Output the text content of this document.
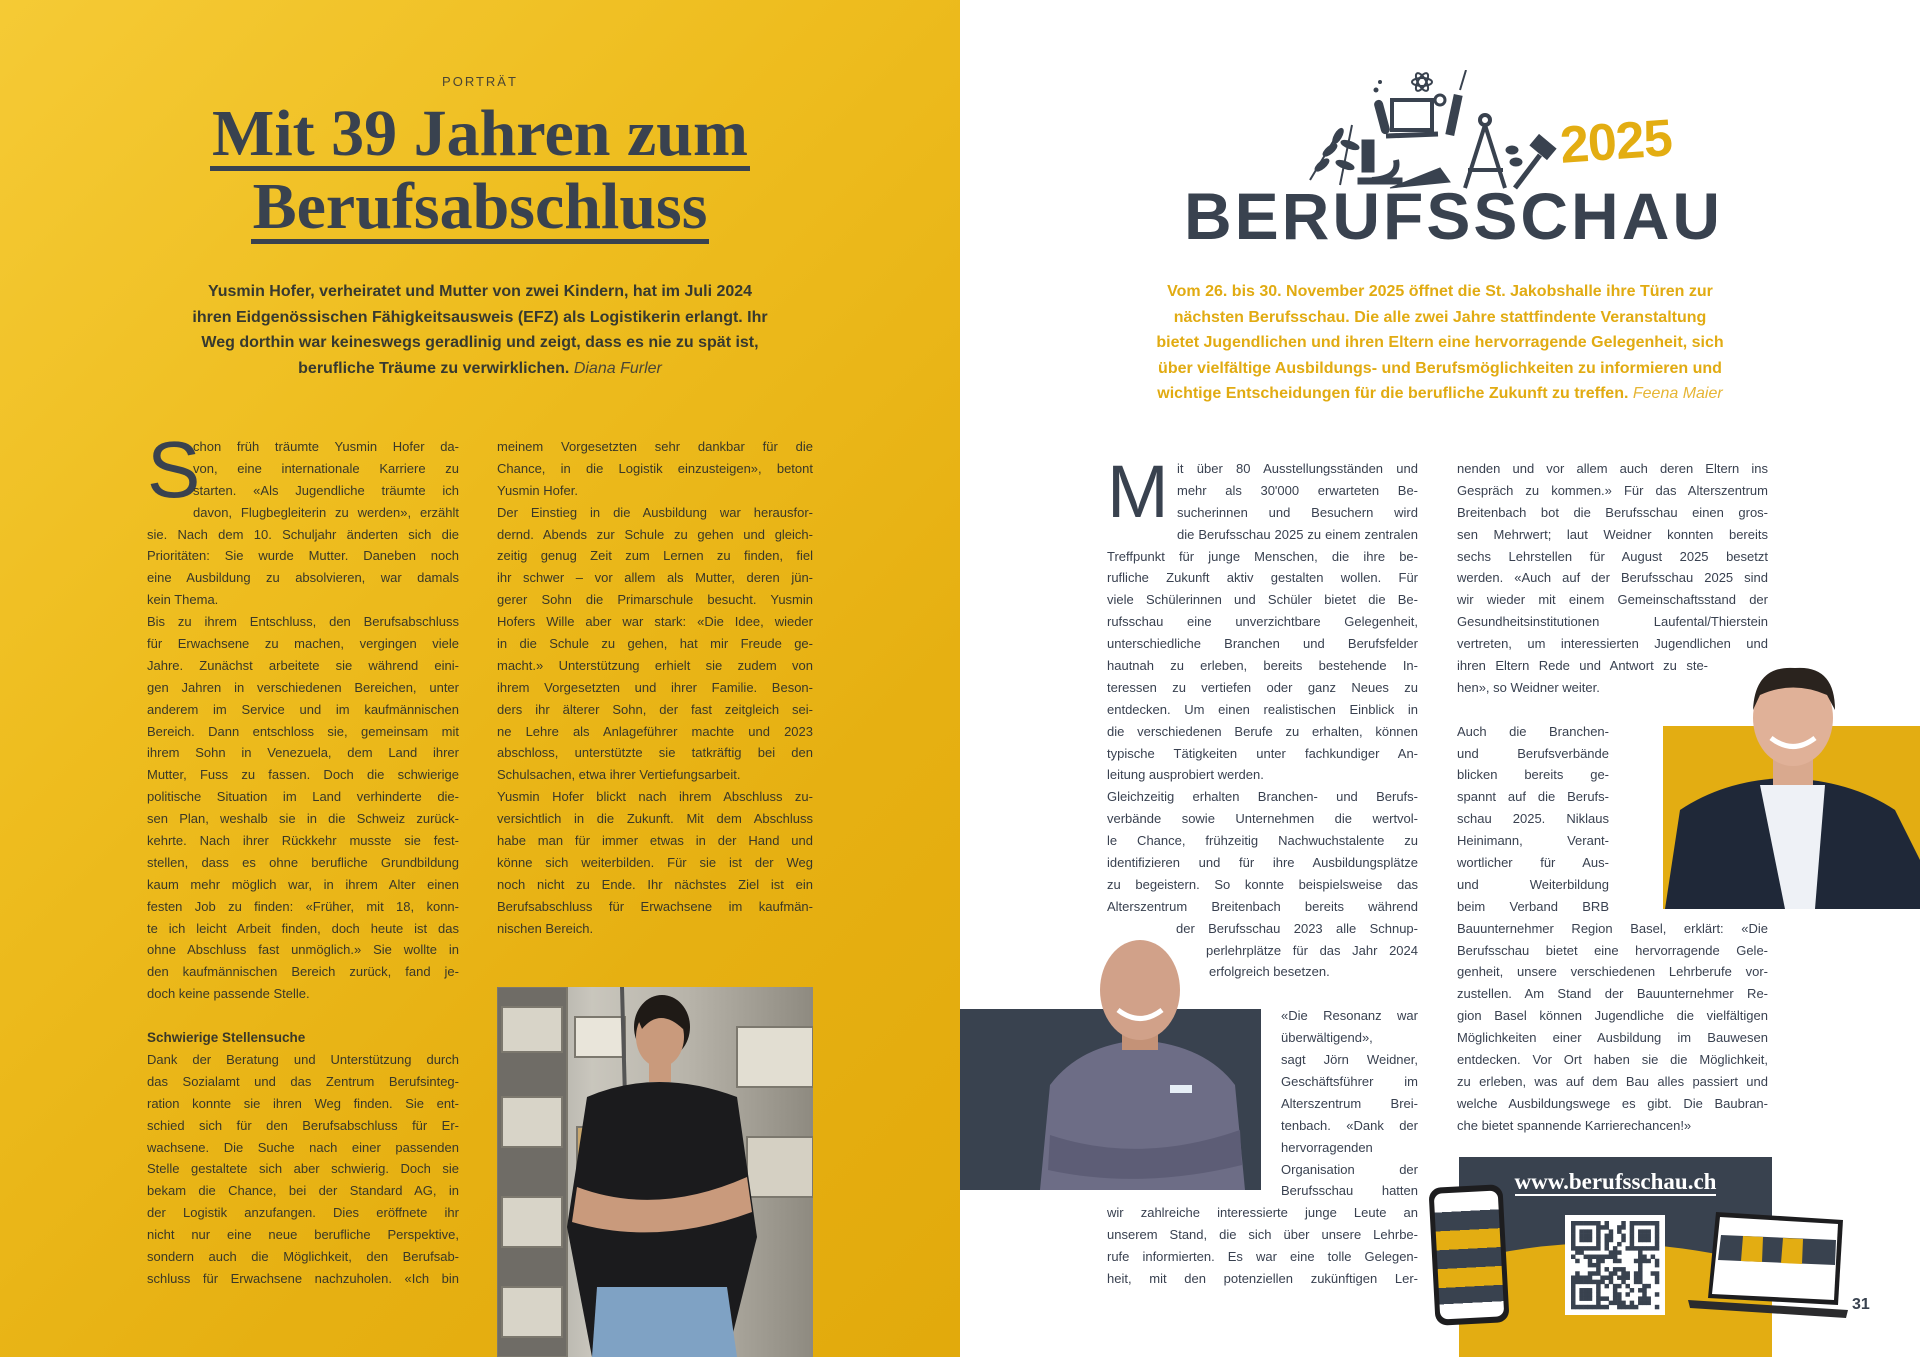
PORTRÄT
Mit 39 Jahren zum
Berufsabschluss
Yusmin Hofer, verheiratet und Mutter von zwei Kindern, hat im Juli 2024
ihren Eidgenössischen Fähigkeitsausweis (EFZ) als Logistikerin erlangt. Ihr
Weg dorthin war keineswegs geradlinig und zeigt, dass es nie zu spät ist,
berufliche Träume zu verwirklichen. Diana Furler
S
chon früh träumte Yusmin Hofer da-
von, eine internationale Karriere zu
starten. «Als Jugendliche träumte ich
davon, Flugbegleiterin zu werden», erzählt
sie. Nach dem 10. Schuljahr änderten sich die
Prioritäten: Sie wurde Mutter. Daneben noch
eine Ausbildung zu absolvieren, war damals
kein Thema.
Bis zu ihrem Entschluss, den Berufsabschluss
für Erwachsene zu machen, vergingen viele
Jahre. Zunächst arbeitete sie während eini-
gen Jahren in verschiedenen Bereichen, unter
anderem im Service und im kaufmännischen
Bereich. Dann entschloss sie, gemeinsam mit
ihrem Sohn in Venezuela, dem Land ihrer
Mutter, Fuss zu fassen. Doch die schwierige
politische Situation im Land verhinderte die-
sen Plan, weshalb sie in die Schweiz zurück-
kehrte. Nach ihrer Rückkehr musste sie fest-
stellen, dass es ohne berufliche Grundbildung
kaum mehr möglich war, in ihrem Alter einen
festen Job zu finden: «Früher, mit 18, konn-
te ich leicht Arbeit finden, doch heute ist das
ohne Abschluss fast unmöglich.» Sie wollte in
den kaufmännischen Bereich zurück, fand je-
doch keine passende Stelle.
Schwierige Stellensuche
Dank der Beratung und Unterstützung durch
das Sozialamt und das Zentrum Berufsinteg-
ration konnte sie ihren Weg finden. Sie ent-
schied sich für den Berufsabschluss für Er-
wachsene. Die Suche nach einer passenden
Stelle gestaltete sich aber schwierig. Doch sie
bekam die Chance, bei der Standard AG, in
der Logistik anzufangen. Dies eröffnete ihr
nicht nur eine neue berufliche Perspektive,
sondern auch die Möglichkeit, den Berufsab-
schluss für Erwachsene nachzuholen. «Ich bin
meinem Vorgesetzten sehr dankbar für die
Chance, in die Logistik einzusteigen», betont
Yusmin Hofer.
Der Einstieg in die Ausbildung war herausfor-
dernd. Abends zur Schule zu gehen und gleich-
zeitig genug Zeit zum Lernen zu finden, fiel
ihr schwer – vor allem als Mutter, deren jün-
gerer Sohn die Primarschule besucht. Yusmin
Hofers Wille aber war stark: «Die Idee, wieder
in die Schule zu gehen, hat mir Freude ge-
macht.» Unterstützung erhielt sie zudem von
ihrem Vorgesetzten und ihrer Familie. Beson-
ders ihr älterer Sohn, der fast zeitgleich sei-
ne Lehre als Anlageführer machte und 2023
abschloss, unterstützte sie tatkräftig bei den
Schulsachen, etwa ihrer Vertiefungsarbeit.
Yusmin Hofer blickt nach ihrem Abschluss zu-
versichtlich in die Zukunft. Mit dem Abschluss
habe man für immer etwas in der Hand und
könne sich weiterbilden. Für sie ist der Weg
noch nicht zu Ende. Ihr nächstes Ziel ist ein
Berufsabschluss für Erwachsene im kaufmän-
nischen Bereich.
BERUFSSCHAU
2025
Vom 26. bis 30. November 2025 öffnet die St. Jakobshalle ihre Türen zur
nächsten Berufsschau. Die alle zwei Jahre stattfindente Veranstaltung
bietet Jugendlichen und ihren Eltern eine hervorragende Gelegenheit, sich
über vielfältige Ausbildungs- und Berufsmöglichkeiten zu informieren und
wichtige Entscheidungen für die berufliche Zukunft zu treffen. Feena Maier
M it über 80 Ausstellungsständen und
mehr als 30'000 erwarteten Be-
sucherinnen und Besuchern wird
die Berufsschau 2025 zu einem zentralen
Treffpunkt für junge Menschen, die ihre be-
rufliche Zukunft aktiv gestalten wollen. Für
viele Schülerinnen und Schüler bietet die Be-
rufsschau eine unverzichtbare Gelegenheit,
unterschiedliche Branchen und Berufsfelder
hautnah zu erleben, bereits bestehende In-
teressen zu vertiefen oder ganz Neues zu
entdecken. Um einen realistischen Einblick in
die verschiedenen Berufe zu erhalten, können
typische Tätigkeiten unter fachkundiger An-
leitung ausprobiert werden.
Gleichzeitig erhalten Branchen- und Berufs-
verbände sowie Unternehmen die wertvol-
le Chance, frühzeitig Nachwuchstalente zu
identifizieren und für ihre Ausbildungsplätze
zu begeistern. So konnte beispielsweise das
Alterszentrum Breitenbach bereits während
der Berufsschau 2023 alle Schnup-
perlehrplätze für das Jahr 2024
erfolgreich besetzen.
«Die Resonanz war
überwältigend»,
sagt Jörn Weidner,
Geschäftsführer im
Alterszentrum Brei-
tenbach. «Dank der
hervorragenden
Organisation der
Berufsschau hatten
wir zahlreiche interessierte junge Leute an
unserem Stand, die sich über unsere Lehrbe-
rufe informierten. Es war eine tolle Gelegen-
heit, mit den potenziellen zukünftigen Ler-
nenden und vor allem auch deren Eltern ins
Gespräch zu kommen.» Für das Alterszentrum
Breitenbach bot die Berufsschau einen gros-
sen Mehrwert; laut Weidner konnten bereits
sechs Lehrstellen für August 2025 besetzt
werden. «Auch auf der Berufsschau 2025 sind
wir wieder mit einem Gemeinschaftsstand der
Gesundheitsinstitutionen Laufental/Thierstein
vertreten, um interessierten Jugendlichen und
ihren Eltern Rede und Antwort zu ste-
hen», so Weidner weiter.
Auch die Branchen-
und Berufsverbände
blicken bereits ge-
spannt auf die Berufs-
schau 2025. Niklaus
Heinimann, Verant-
wortlicher für Aus-
und Weiterbildung
beim Verband BRB
Bauunternehmer Region Basel, erklärt: «Die
Berufsschau bietet eine hervorragende Gele-
genheit, unsere verschiedenen Lehrberufe vor-
zustellen. Am Stand der Bauunternehmer Re-
gion Basel können Jugendliche die vielfältigen
Möglichkeiten einer Ausbildung im Bauwesen
entdecken. Vor Ort haben sie die Möglichkeit,
zu erleben, was auf dem Bau alles passiert und
welche Ausbildungswege es gibt. Die Baubran-
che bietet spannende Karrierechancen!»
www.berufsschau.ch
31
